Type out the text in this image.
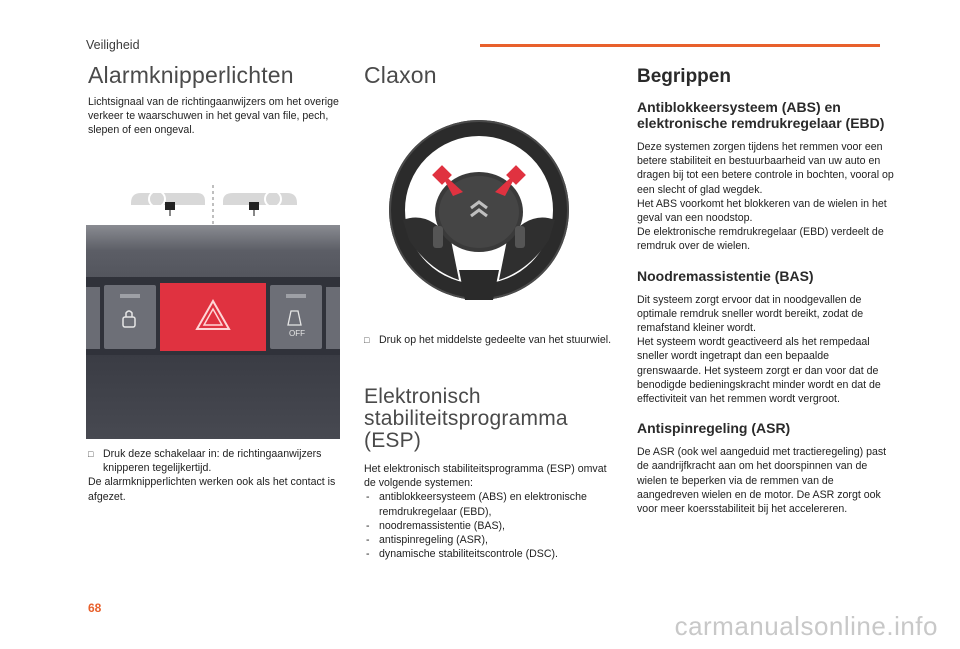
Veiligheid
Alarmknipperlichten

Lichtsignaal van de richtingaanwijzers om het overige verkeer te waarschuwen in het geval van file, pech, slepen of een ongeval.

OFF

□ Druk deze schakelaar in: de richtingaanwijzers knipperen tegelijkertijd.

De alarmknipperlichten werken ook als het contact is afgezet.

Claxon

□ Druk op het middelste gedeelte van het stuurwiel.

Elektronisch
stabiliteitsprogramma
(ESP)

Het elektronisch stabiliteitsprogramma (ESP) omvat de volgende systemen:

- antiblokkeersysteem (ABS) en elektronische remdrukregelaar (EBD),

- noodremassistentie (BAS),

- antispinregeling (ASR),

- dynamische stabiliteitscontrole (DSC).

Begrippen
Antiblokkeersysteem (ABS) en elektronische remdrukregelaar (EBD)

Deze systemen zorgen tijdens het remmen voor een betere stabiliteit en bestuurbaarheid van uw auto en dragen bij tot een betere controle in bochten, vooral op een slecht of glad wegdek.

Het ABS voorkomt het blokkeren van de wielen in het geval van een noodstop.

De elektronische remdrukregelaar (EBD) verdeelt de remdruk over de wielen.

Noodremassistentie (BAS)

Dit systeem zorgt ervoor dat in noodgevallen de optimale remdruk sneller wordt bereikt, zodat de remafstand kleiner wordt.

Het systeem wordt geactiveerd als het rempedaal sneller wordt ingetrapt dan een bepaalde grenswaarde. Het systeem zorgt er dan voor dat de benodigde bedieningskracht minder wordt en dat de effectiviteit van het remmen wordt vergroot.

Antispinregeling (ASR)

De ASR (ook wel aangeduid met tractieregeling) past de aandrijfkracht aan om het doorspinnen van de wielen te beperken via de remmen van de aangedreven wielen en de motor. De ASR zorgt ook voor meer koersstabiliteit bij het accelereren.

68
carmanualsonline.info
